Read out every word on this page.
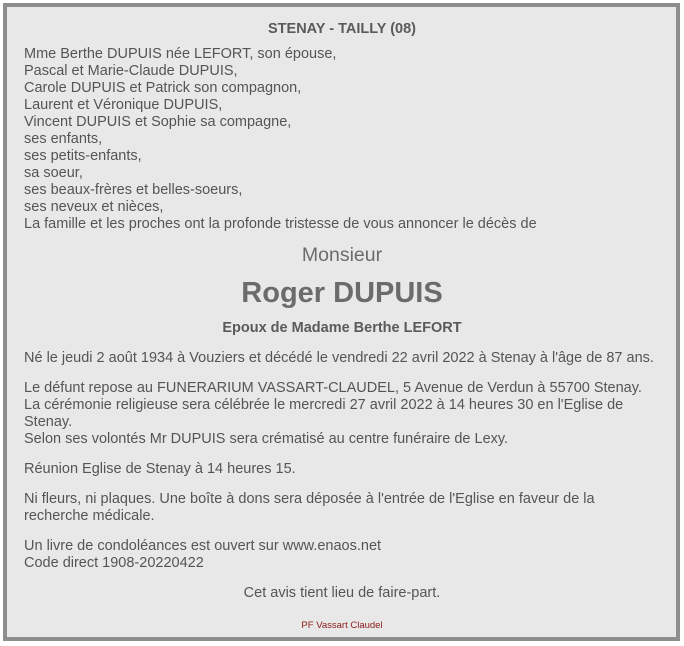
STENAY - TAILLY (08)
Mme Berthe DUPUIS née LEFORT, son épouse,
Pascal et Marie-Claude DUPUIS,
Carole DUPUIS et Patrick son compagnon,
Laurent et Véronique DUPUIS,
Vincent DUPUIS et Sophie sa compagne,
ses enfants,
ses petits-enfants,
sa soeur,
ses beaux-frères et belles-soeurs,
ses neveux et nièces,
La famille et les proches ont la profonde tristesse de vous annoncer le décès de
Monsieur
Roger DUPUIS
Epoux de Madame Berthe LEFORT
Né le jeudi 2 août 1934 à Vouziers et décédé le vendredi 22 avril 2022 à Stenay à l'âge de 87 ans.
Le défunt repose au FUNERARIUM VASSART-CLAUDEL, 5 Avenue de Verdun à 55700 Stenay.
La cérémonie religieuse sera célébrée le mercredi 27 avril 2022 à 14 heures 30 en l'Eglise de Stenay.
Selon ses volontés Mr DUPUIS sera crématisé au centre funéraire de Lexy.
Réunion Eglise de Stenay à 14 heures 15.
Ni fleurs, ni plaques. Une boîte à dons sera déposée à l'entrée de l'Eglise en faveur de la recherche médicale.
Un livre de condoléances est ouvert sur www.enaos.net
Code direct 1908-20220422
Cet avis tient lieu de faire-part.
PF Vassart Claudel
